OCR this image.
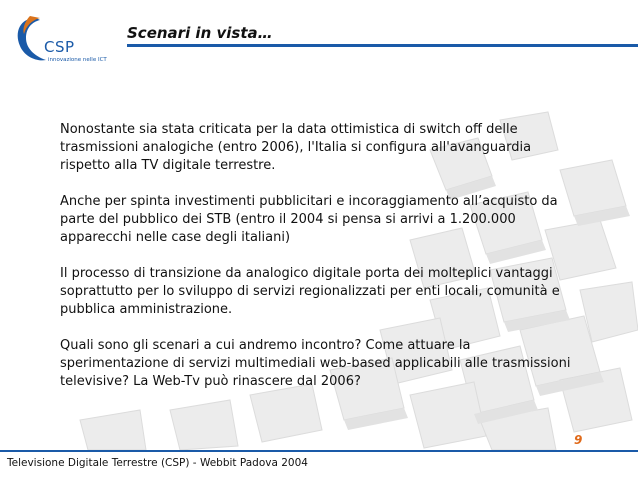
CSP
innovazione nelle ICT
Scenari in vista…

Nonostante sia stata criticata per la data ottimistica di switch off delle trasmissioni analogiche (entro 2006), l'Italia si configura all'avanguardia rispetto alla TV digitale terrestre.

Anche per spinta investimenti pubblicitari e incoraggiamento all’acquisto da parte del pubblico dei STB (entro il 2004 si pensa si arrivi a 1.200.000 apparecchi nelle case degli italiani)

Il processo di transizione da analogico digitale porta dei molteplici vantaggi soprattutto per lo sviluppo di servizi regionalizzati per enti locali, comunità e pubblica amministrazione.

Quali sono gli scenari a cui andremo incontro? Come attuare la sperimentazione di servizi multimediali web-based applicabili alle trasmissioni televisive? La Web-Tv può rinascere dal 2006?

9
Televisione Digitale Terrestre (CSP) - Webbit Padova 2004
